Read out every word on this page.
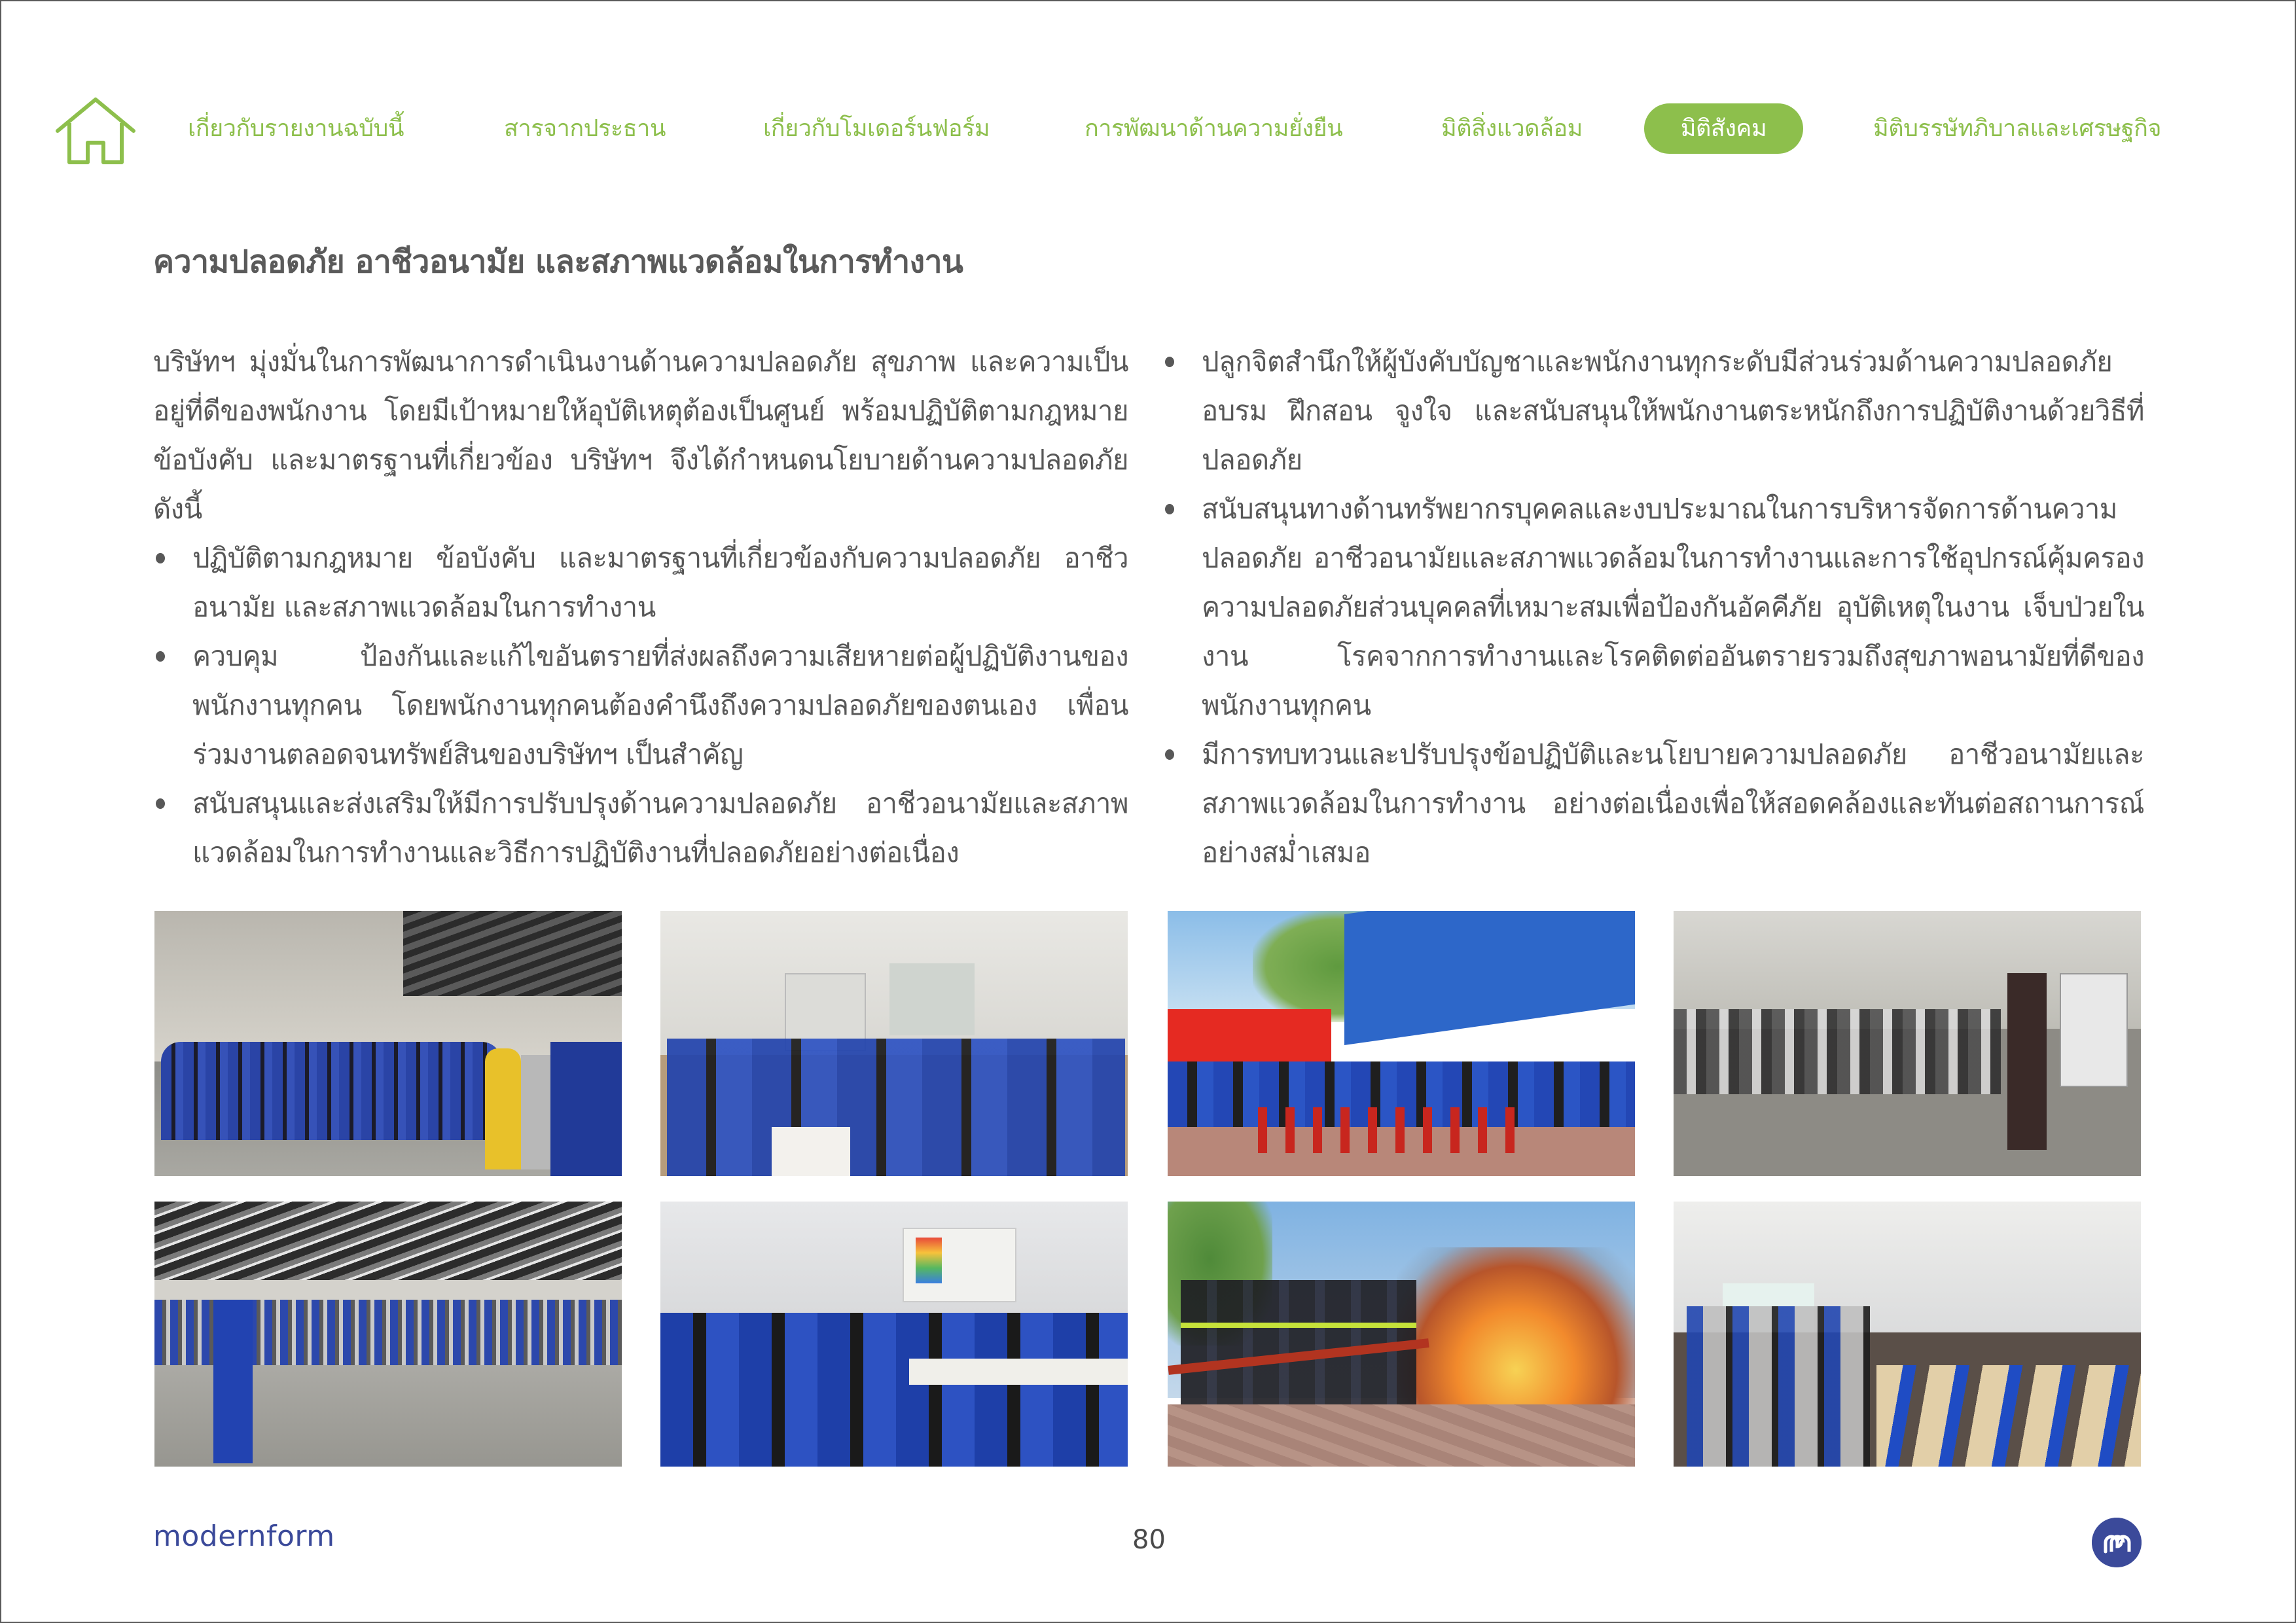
เกี่ยวกับรายงานฉบับนี้	สารจากประธาน	เกี่ยวกับโมเดอร์นฟอร์ม	การพัฒนาด้านความยั่งยืน	มิติสิ่งแวดล้อม	มิติสังคม	มิติบรรษัทภิบาลและเศรษฐกิจ
ความปลอดภัย อาชีวอนามัย และสภาพแวดล้อมในการทำงาน

บริษัทฯ มุ่งมั่นในการพัฒนาการดำเนินงานด้านความปลอดภัย สุขภาพ และความเป็นอยู่ที่ดีของพนักงาน โดยมีเป้าหมายให้อุบัติเหตุต้องเป็นศูนย์ พร้อมปฏิบัติตามกฎหมาย ข้อบังคับ และมาตรฐานที่เกี่ยวข้อง บริษัทฯ จึงได้กำหนดนโยบายด้านความปลอดภัย ดังนี้

ปฏิบัติตามกฎหมาย ข้อบังคับ และมาตรฐานที่เกี่ยวข้องกับความปลอดภัย อาชีวอนามัย และสภาพแวดล้อมในการทำงาน
ควบคุม ป้องกันและแก้ไขอันตรายที่ส่งผลถึงความเสียหายต่อผู้ปฏิบัติงานของพนักงานทุกคน โดยพนักงานทุกคนต้องคำนึงถึงความปลอดภัยของตนเอง เพื่อนร่วมงานตลอดจนทรัพย์สินของบริษัทฯ เป็นสำคัญ
สนับสนุนและส่งเสริมให้มีการปรับปรุงด้านความปลอดภัย อาชีวอนามัยและสภาพแวดล้อมในการทำงานและวิธีการปฏิบัติงานที่ปลอดภัยอย่างต่อเนื่อง
ปลูกจิตสำนึกให้ผู้บังคับบัญชาและพนักงานทุกระดับมีส่วนร่วมด้านความปลอดภัย อบรม ฝึกสอน จูงใจ และสนับสนุนให้พนักงานตระหนักถึงการปฏิบัติงานด้วยวิธีที่ปลอดภัย
สนับสนุนทางด้านทรัพยากรบุคคลและงบประมาณในการบริหารจัดการด้านความปลอดภัย อาชีวอนามัยและสภาพแวดล้อมในการทำงานและการใช้อุปกรณ์คุ้มครองความปลอดภัยส่วนบุคคลที่เหมาะสมเพื่อป้องกันอัคคีภัย อุบัติเหตุในงาน เจ็บป่วยในงาน โรคจากการทำงานและโรคติดต่ออันตรายรวมถึงสุขภาพอนามัยที่ดีของพนักงานทุกคน
มีการทบทวนและปรับปรุงข้อปฏิบัติและนโยบายความปลอดภัย อาชีวอนามัยและสภาพแวดล้อมในการทำงาน อย่างต่อเนื่องเพื่อให้สอดคล้องและทันต่อสถานการณ์อย่างสม่ำเสมอ
modernform	80
